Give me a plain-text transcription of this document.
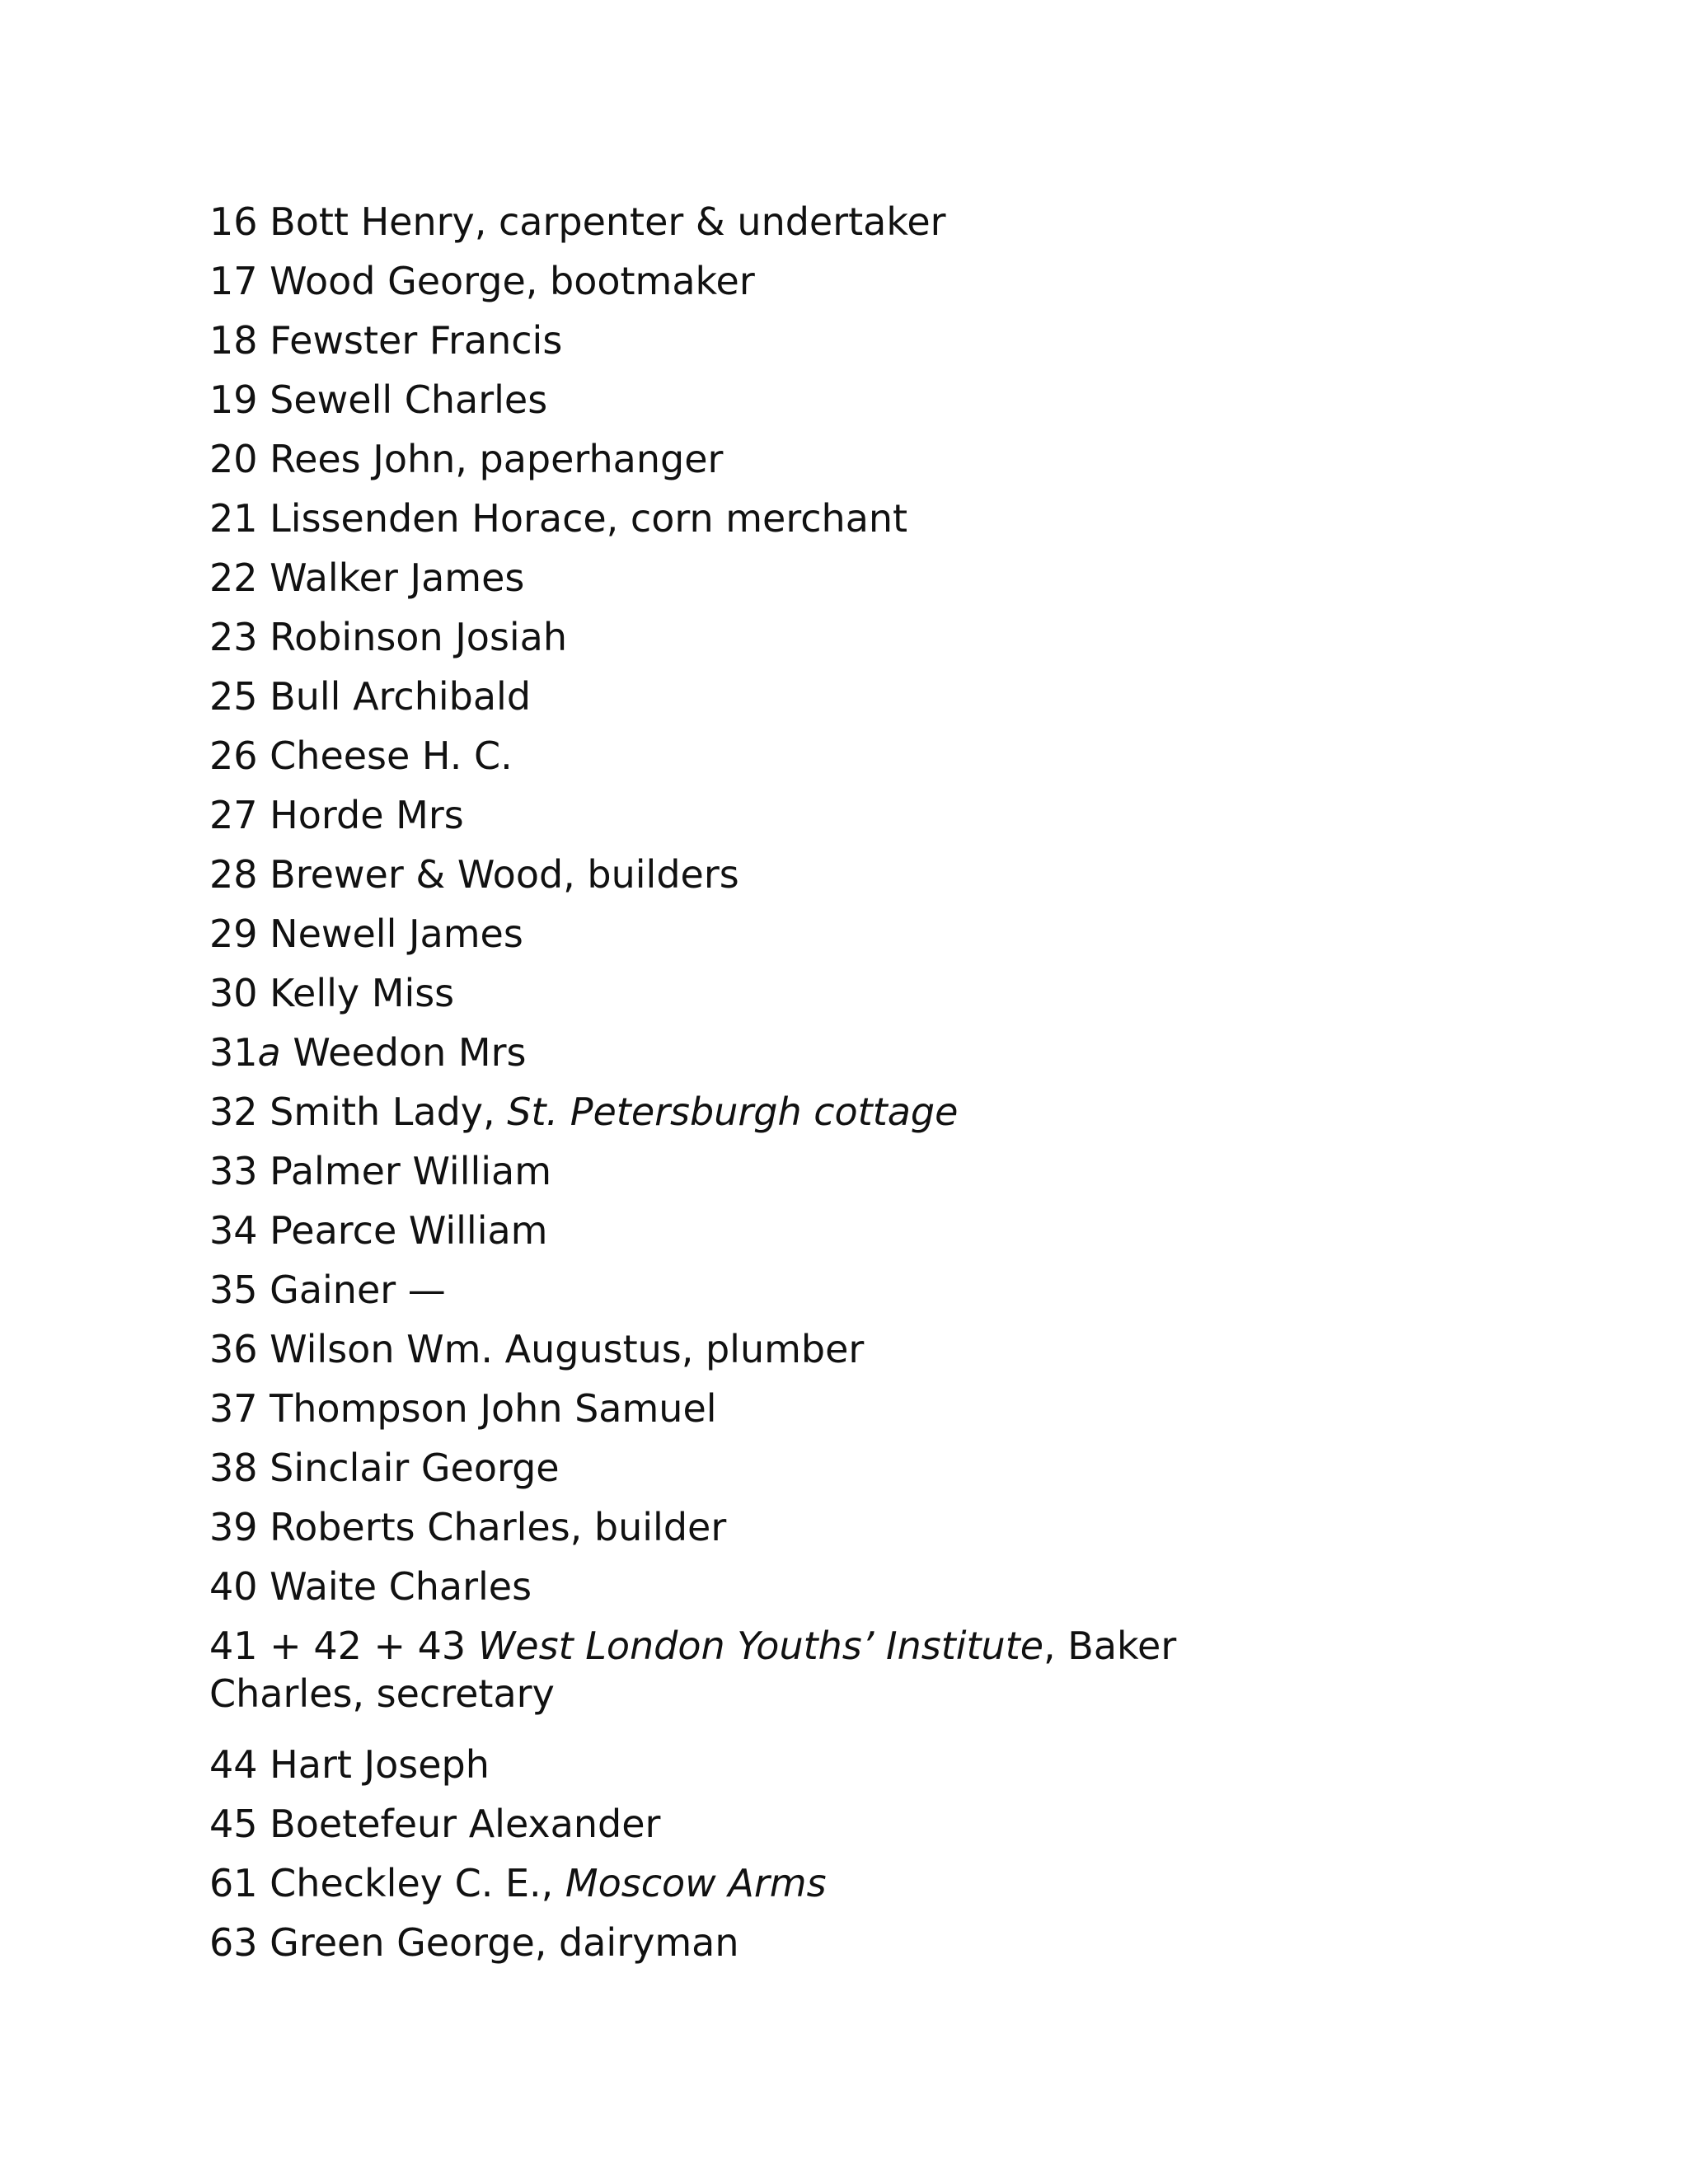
16 Bott Henry, carpenter & undertaker
17 Wood George, bootmaker
18 Fewster Francis
19 Sewell Charles
20 Rees John, paperhanger
21 Lissenden Horace, corn merchant
22 Walker James
23 Robinson Josiah
25 Bull Archibald
26 Cheese H. C.
27 Horde Mrs
28 Brewer & Wood, builders
29 Newell James
30 Kelly Miss
31a Weedon Mrs
32 Smith Lady, St. Petersburgh cottage
33 Palmer William
34 Pearce William
35 Gainer —
36 Wilson Wm. Augustus, plumber
37 Thompson John Samuel
38 Sinclair George
39 Roberts Charles, builder
40 Waite Charles
41 + 42 + 43 West London Youths’ Institute, Baker Charles, secretary
44 Hart Joseph
45 Boetefeur Alexander
61 Checkley C. E., Moscow Arms
63 Green George, dairyman
